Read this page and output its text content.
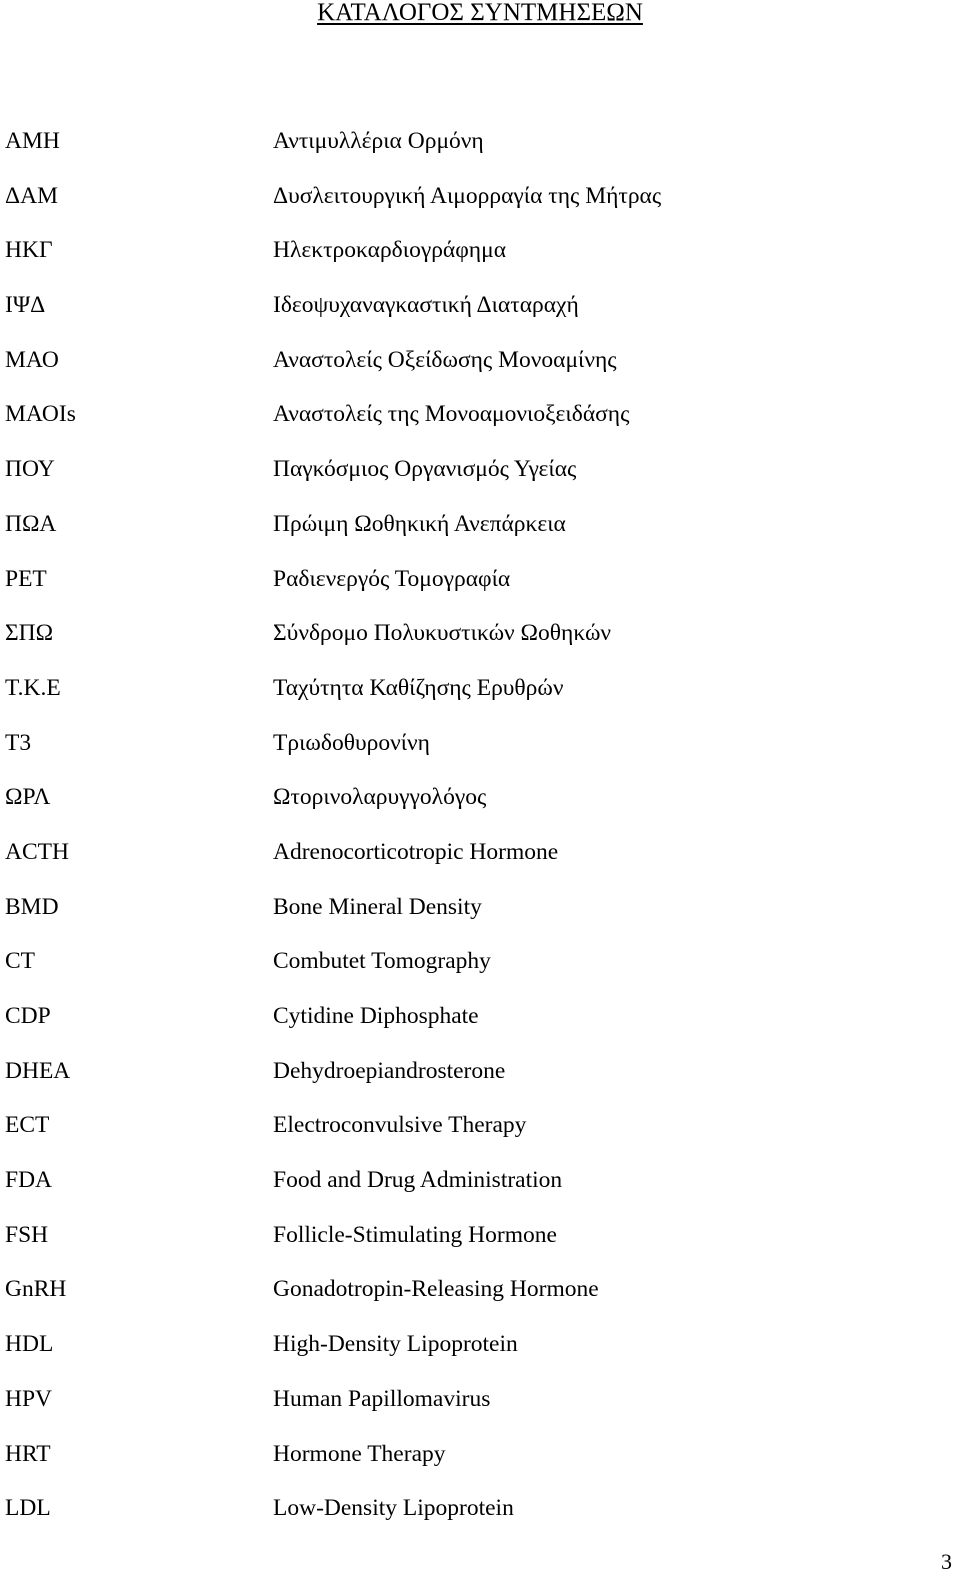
ΚΑΤΑΛΟΓΟΣ ΣΥΝΤΜΗΣΕΩΝ
ΑΜΗ	Αντιμυλλέρια Ορμόνη
ΔΑΜ	Δυσλειτουργική Αιμορραγία της Μήτρας
ΗΚΓ	Ηλεκτροκαρδιογράφημα
ΙΨΔ	Ιδεοψυχαναγκαστική Διαταραχή
ΜΑΟ	Αναστολείς Οξείδωσης Μονοαμίνης
ΜΑΟΙs	Αναστολείς της Μονοαμονιοξειδάσης
ΠΟΥ	Παγκόσμιος Οργανισμός Υγείας
ΠΩΑ	Πρώιμη Ωοθηκική Ανεπάρκεια
ΡΕΤ	Ραδιενεργός Τομογραφία
ΣΠΩ	Σύνδρομο Πολυκυστικών Ωοθηκών
Τ.Κ.Ε	Ταχύτητα Καθίζησης Ερυθρών
Τ3	Τριωδοθυρονίνη
ΩΡΛ	Ωτορινολαρυγγολόγος
ACTH	Adrenocorticotropic Hormone
BMD	Bone Mineral Density
CT	Combutet Tomography
CDP	Cytidine Diphosphate
DHEA	Dehydroepiandrosterone
ECT	Electroconvulsive Therapy
FDA	Food and Drug Administration
FSH	Follicle-Stimulating Hormone
GnRH	Gonadotropin-Releasing Hormone
HDL	High-Density Lipoprotein
HPV	Human Papillomavirus
HRT	Hormone Therapy
LDL	Low-Density Lipoprotein
3
